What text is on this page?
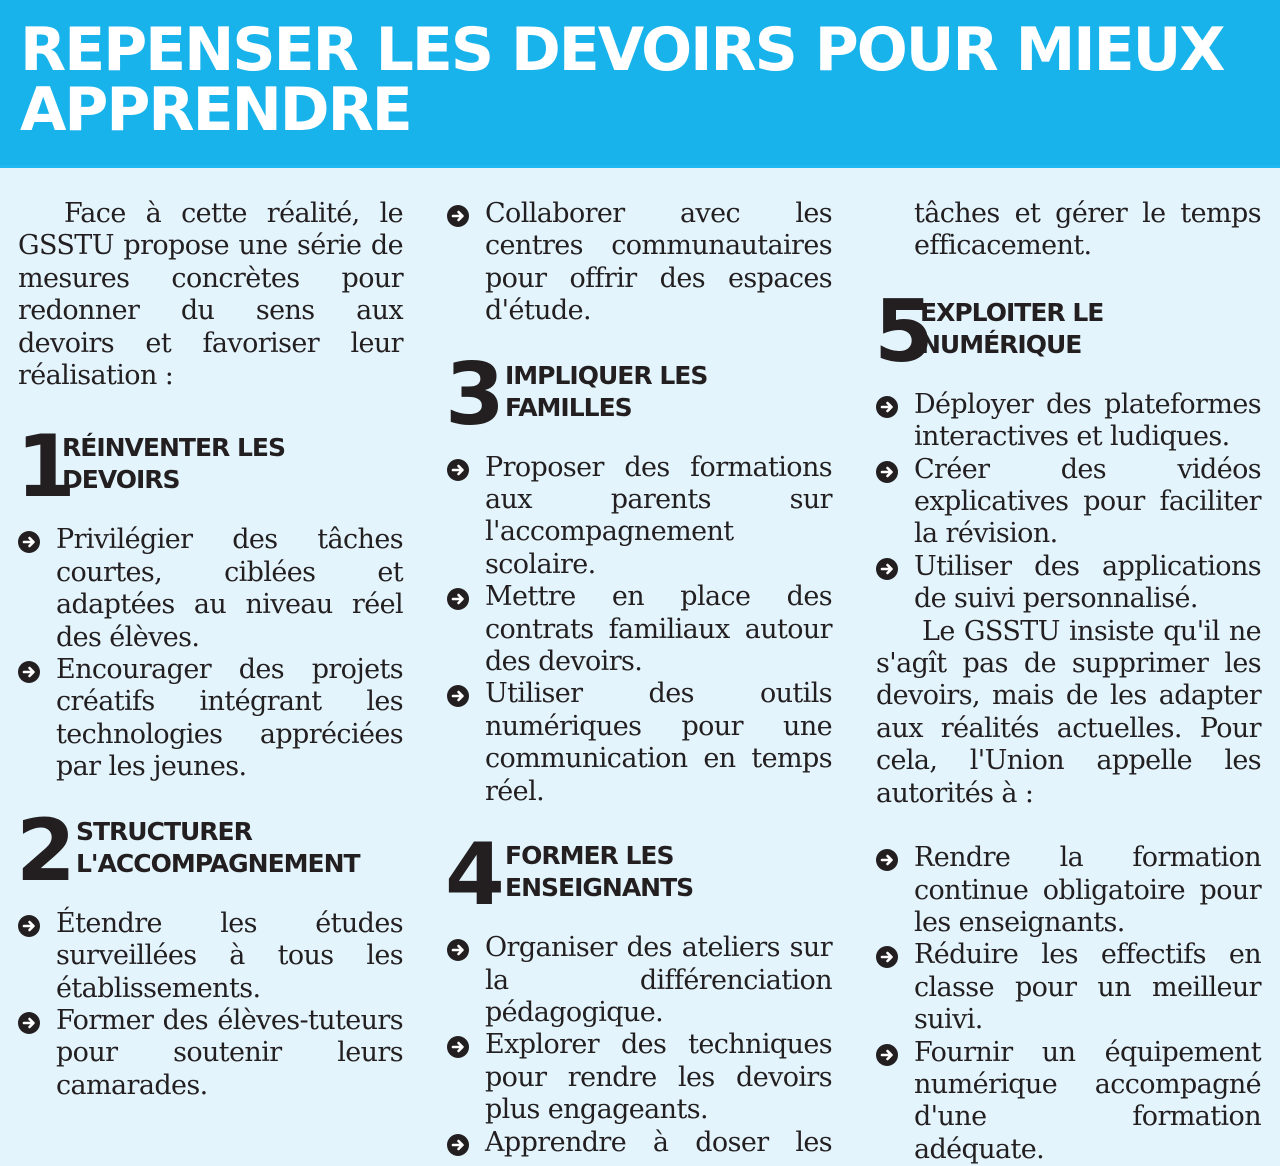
REPENSER LES DEVOIRS POUR MIEUX APPRENDRE

Face à cette réalité, le GSSTU propose une série de mesures concrètes pour redonner du sens aux devoirs et favoriser leur réalisation :

1
RÉINVENTER LES
DEVOIRS
Privilégier des tâches courtes, ciblées et adaptées au niveau réel des élèves.
Encourager des projets créatifs intégrant les technologies appréciées par les jeunes.
2 STRUCTURER
L'ACCOMPAGNEMENT
Étendre les études surveillées à tous les établissements.
Former des élèves-tuteurs pour soutenir leurs camarades.
Collaborer avec les centres communautaires pour offrir des espaces d'étude.
3 IMPLIQUER LES
FAMILLES
Proposer des formations aux parents sur l'accompagnement scolaire.
Mettre en place des contrats familiaux autour des devoirs.
Utiliser des outils numériques pour une communication en temps réel.
4 FORMER LES
ENSEIGNANTS
Organiser des ateliers sur la différenciation pédagogique.
Explorer des techniques pour rendre les devoirs plus engageants.
Apprendre à doser les

tâches et gérer le temps efficacement.

5
EXPLOITER LE
NUMÉRIQUE
Déployer des plateformes interactives et ludiques.
Créer des vidéos explicatives pour faciliter la révision.
Utiliser des applications de suivi personnalisé.

Le GSSTU insiste qu'il ne s'agît pas de supprimer les devoirs, mais de les adapter aux réalités actuelles. Pour cela, l'Union appelle les autorités à :

Rendre la formation continue obligatoire pour les enseignants.
Réduire les effectifs en classe pour un meilleur suivi.
Fournir un équipement numérique accompagné d'une formation adéquate.
